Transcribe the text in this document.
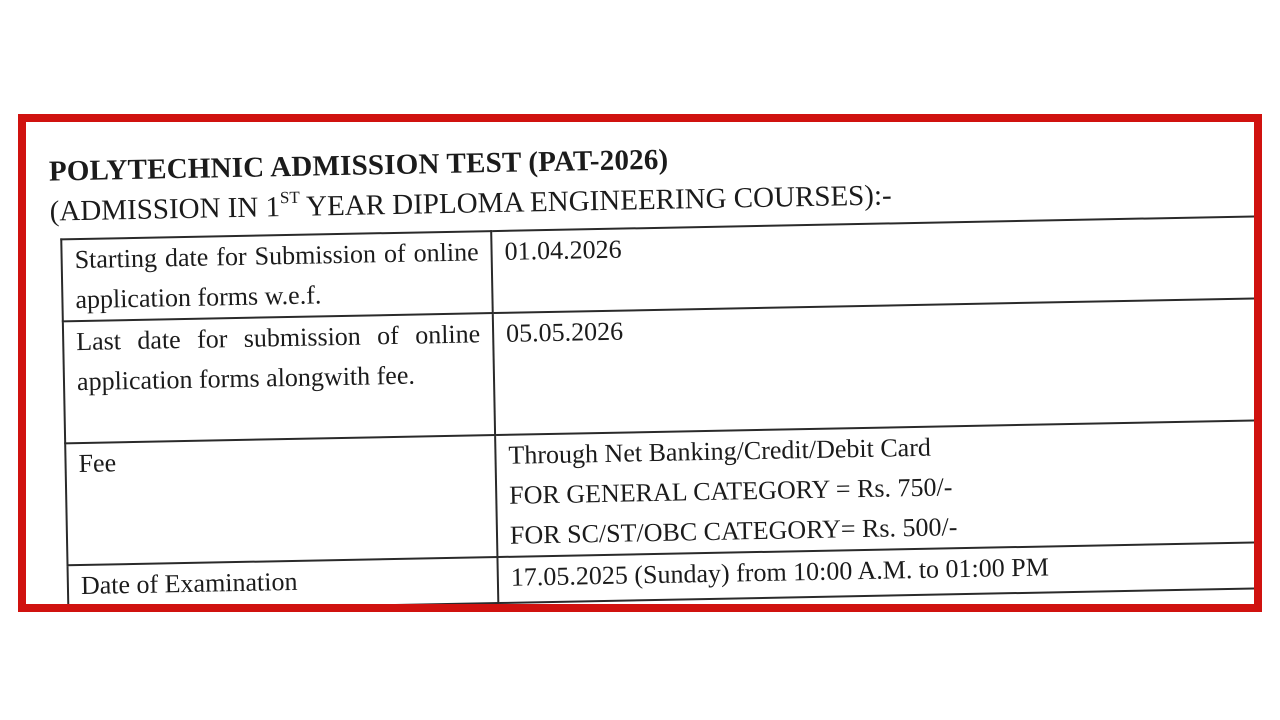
POLYTECHNIC ADMISSION TEST (PAT-2026)
(ADMISSION IN 1ST YEAR DIPLOMA ENGINEERING COURSES):-
Starting date for Submission of online application forms w.e.f.	01.04.2026
Last date for submission of online application forms alongwith fee.	05.05.2026
Fee	Through Net Banking/Credit/Debit Card
FOR GENERAL CATEGORY = Rs. 750/-
FOR SC/ST/OBC CATEGORY= Rs. 500/-

Date of Examination	17.05.2025 (Sunday) from 10:00 A.M. to 01:00 PM
